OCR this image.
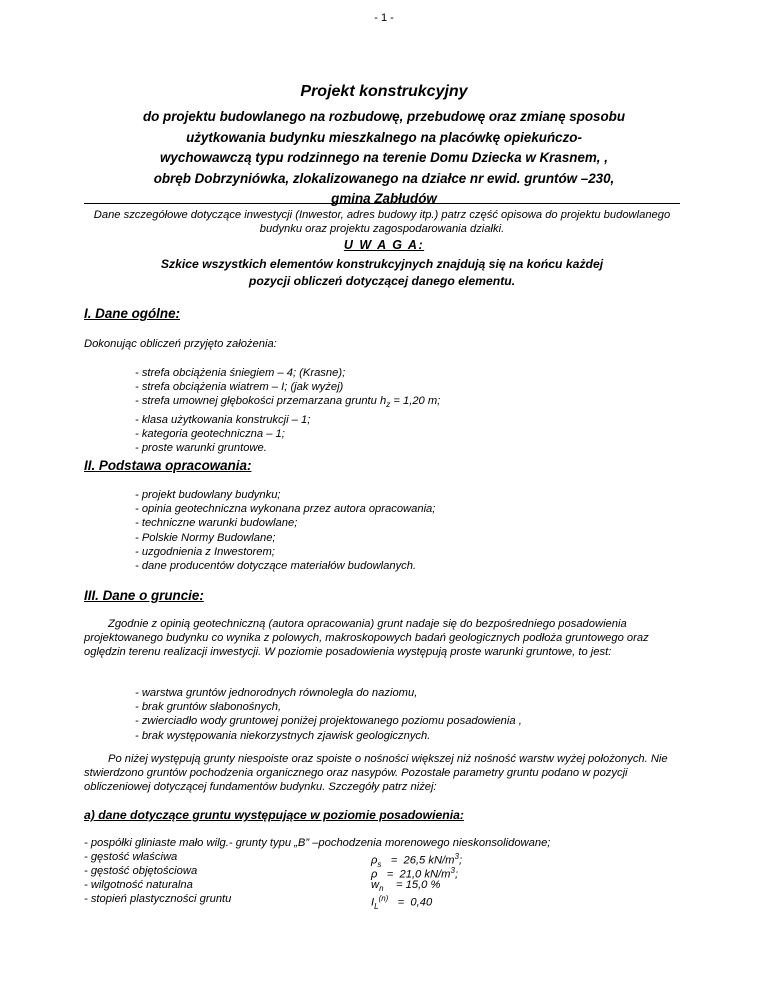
- 1 -
Projekt konstrukcyjny
do projektu budowlanego na rozbudowę, przebudowę oraz zmianę sposobu
użytkowania budynku mieszkalnego na placówkę opiekuńczo-
wychowawczą typu rodzinnego na terenie Domu Dziecka w Krasnem, ,
obręb Dobrzyniówka, zlokalizowanego na działce nr ewid. gruntów –230,
gmina Zabłudów
Dane szczegółowe dotyczące inwestycji (Inwestor, adres budowy itp.) patrz część opisowa do projektu budowlanego budynku oraz projektu zagospodarowania działki.
U W A G A:
Szkice wszystkich elementów konstrukcyjnych znajdują się na końcu każdej
pozycji obliczeń dotyczącej danego elementu.
I. Dane ogólne:
Dokonując obliczeń przyjęto założenia:
- strefa obciążenia śniegiem – 4; (Krasne);
- strefa obciążenia wiatrem – I; (jak wyżej)
- strefa umownej głębokości przemarzana gruntu $h_z = 1,20$ m;
- klasa użytkowania konstrukcji – 1;
- kategoria geotechniczna – 1;
- proste warunki gruntowe.
II. Podstawa opracowania:
- projekt budowlany budynku;
- opinia geotechniczna wykonana przez autora opracowania;
- techniczne warunki budowlane;
- Polskie Normy Budowlane;
- uzgodnienia z Inwestorem;
- dane producentów dotyczące materiałów budowlanych.
III. Dane o gruncie:
Zgodnie z opinią geotechniczną (autora opracowania) grunt nadaje się do bezpośredniego posadowienia projektowanego budynku co wynika z polowych, makroskopowych badań geologicznych podłoża gruntowego oraz oględzin terenu realizacji inwestycji. W poziomie posadowienia występują proste warunki gruntowe, to jest:
- warstwa gruntów jednorodnych równoległa do naziomu,
- brak gruntów słabonośnych,
- zwierciadło wody gruntowej poniżej projektowanego poziomu posadowienia ,
- brak występowania niekorzystnych zjawisk geologicznych.
Po niżej występują grunty niespoiste oraz spoiste o nośności większej niż nośność warstw wyżej położonych. Nie stwierdzono gruntów pochodzenia organicznego oraz nasypów. Pozostałe parametry gruntu podano w pozycji obliczeniowej dotyczącej fundamentów budynku. Szczegóły patrz niżej:
a) dane dotyczące gruntu występujące w poziomie posadowienia:
- pospółki gliniaste mało wilg.- grunty typu „B” –pochodzenia morenowego nieskonsolidowane;
- gęstość właściwa	$\rho_s = 26,5$ $kN/m^3$;
- gęstość objętościowa	ρ   =  21,0 $kN/m^3$;
- wilgotność naturalna	$w_n$    = 15,0 %
- stopień plastyczności gruntu	$I_L^{(n)} = 0,40$
